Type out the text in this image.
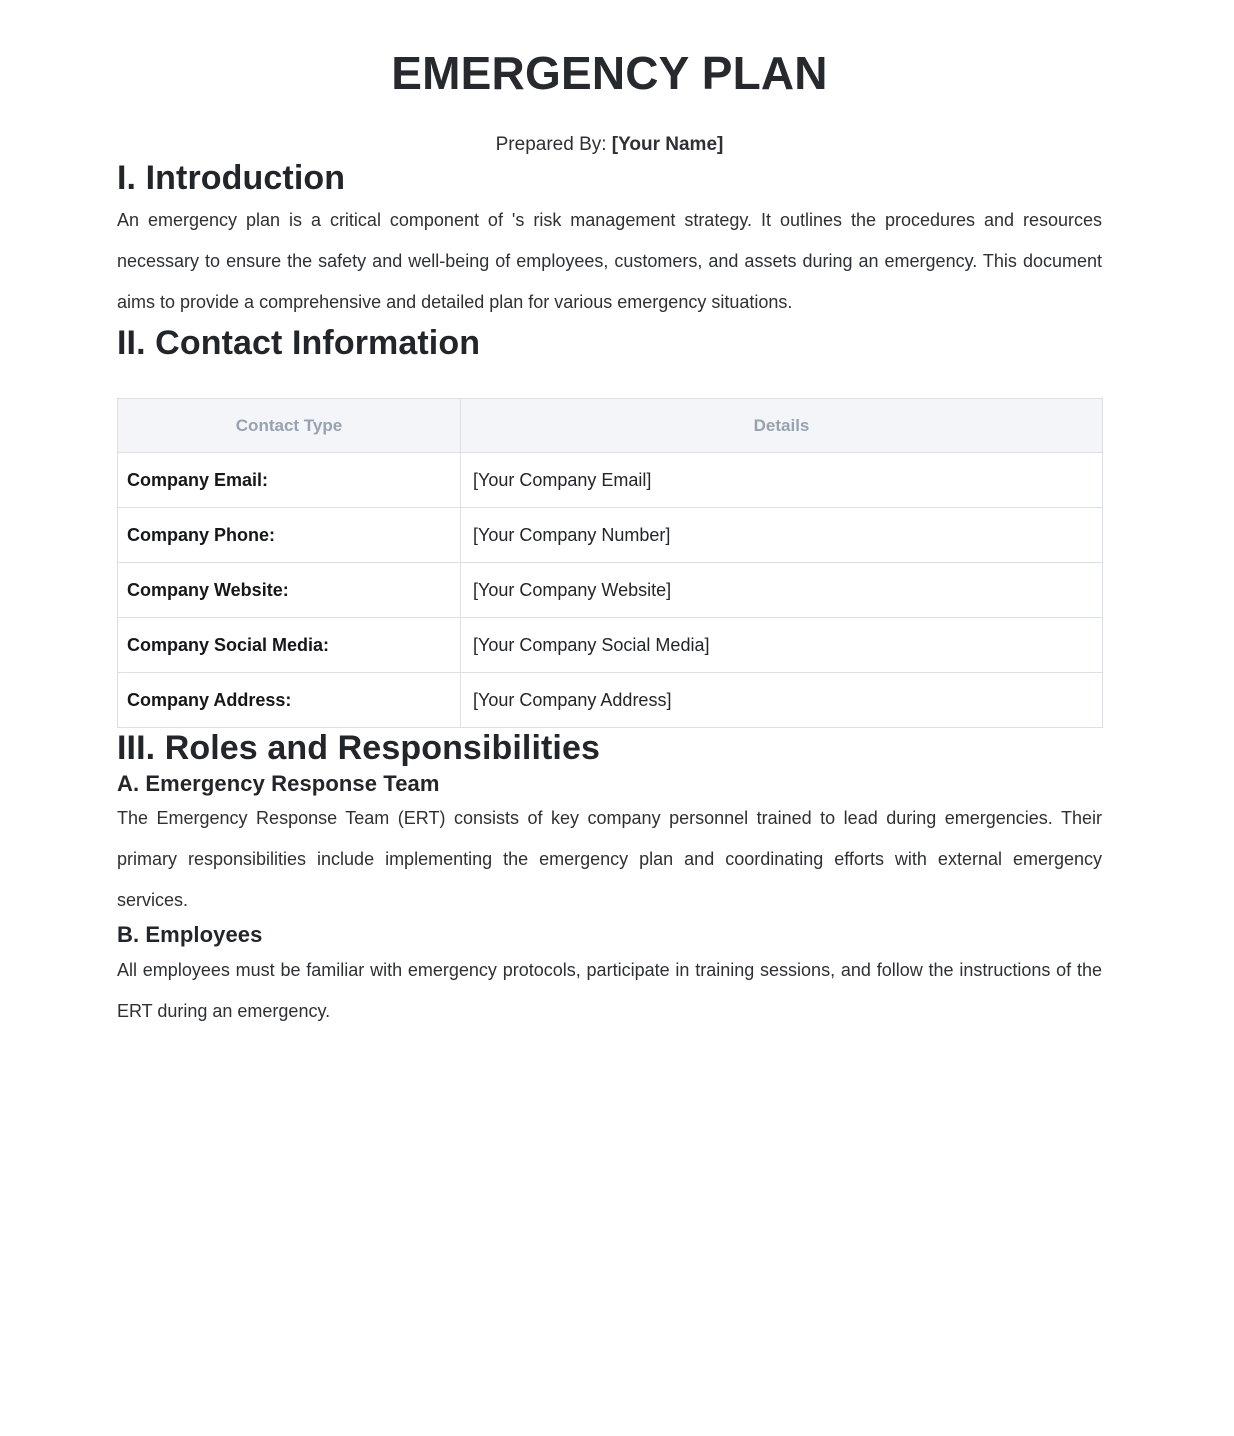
EMERGENCY PLAN

Prepared By: [Your Name]

I. Introduction

An emergency plan is a critical component of 's risk management strategy. It outlines the procedures and resources necessary to ensure the safety and well-being of employees, customers, and assets during an emergency. This document aims to provide a comprehensive and detailed plan for various emergency situations.

II. Contact Information
Contact Type	Details
Company Email:	[Your Company Email]
Company Phone:	[Your Company Number]
Company Website:	[Your Company Website]
Company Social Media:	[Your Company Social Media]
Company Address:	[Your Company Address]
III. Roles and Responsibilities
A. Emergency Response Team

The Emergency Response Team (ERT) consists of key company personnel trained to lead during emergencies. Their primary responsibilities include implementing the emergency plan and coordinating efforts with external emergency services.

B. Employees

All employees must be familiar with emergency protocols, participate in training sessions, and follow the instructions of the ERT during an emergency.
